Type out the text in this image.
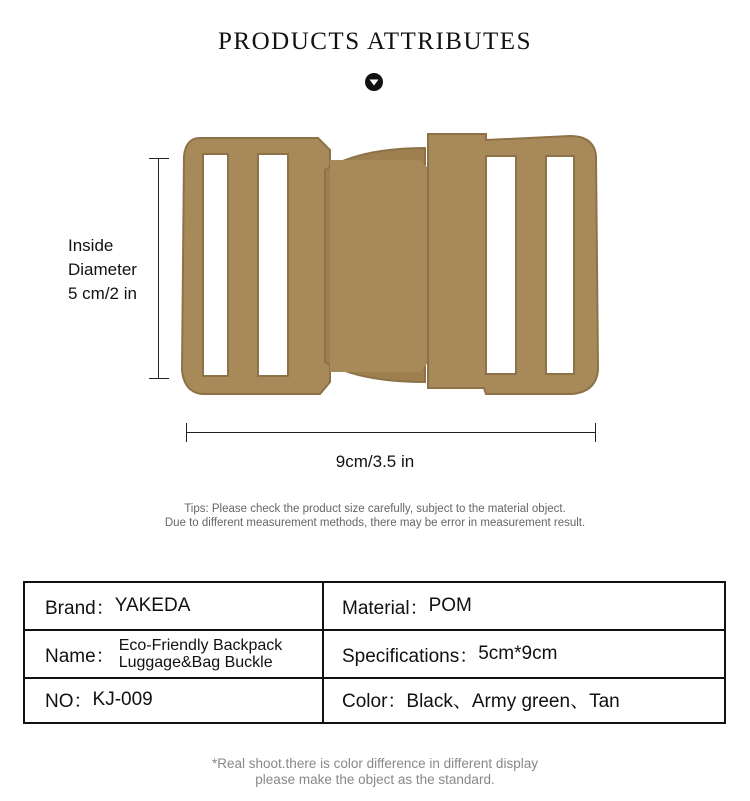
PRODUCTS ATTRIBUTES
Inside
Diameter
5 cm/2 in
9cm/3.5 in
Tips: Please check the product size carefully, subject to the material object.
Due to different measurement methods, there may be error in measurement result.
Brand： YAKEDA	Material： POM
Name： Eco-Friendly Backpack
Luggage&Bag Buckle	Specifications： 5cm*9cm
NO： KJ-009	Color： Black、Army green、Tan
*Real shoot.there is color difference in different display
please make the object as the standard.
